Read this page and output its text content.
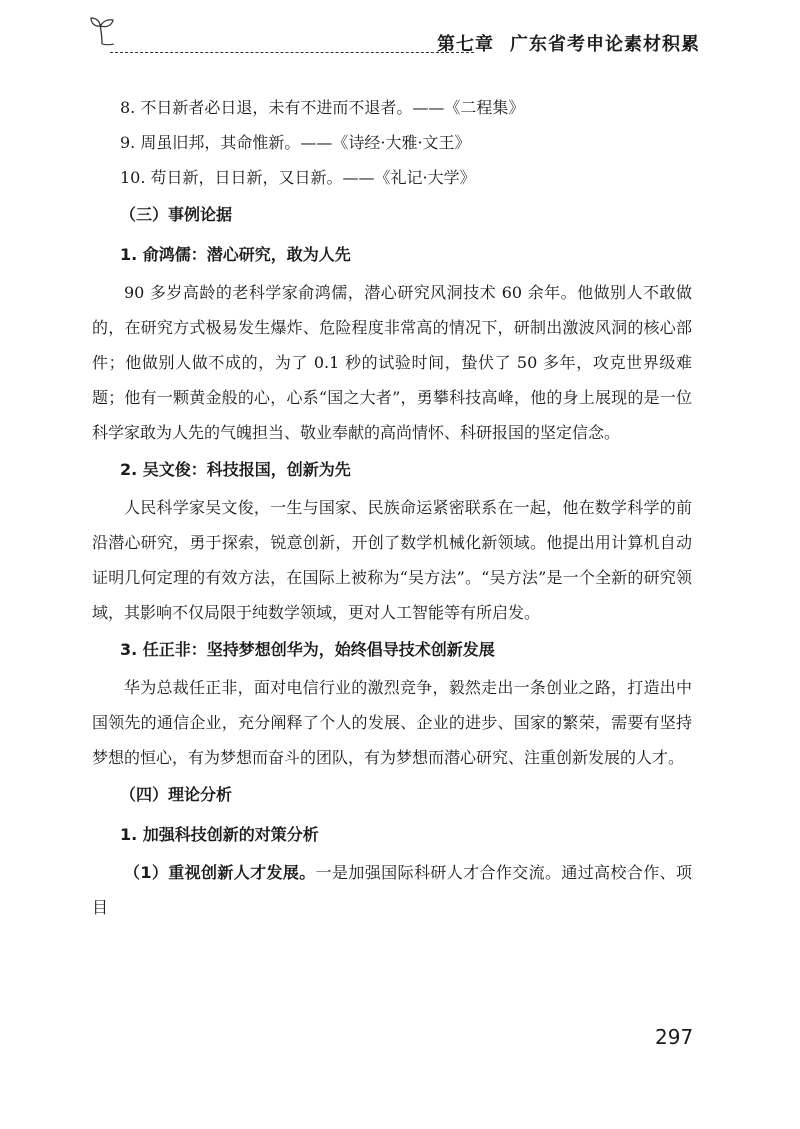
第七章 广东省考申论素材积累

8. 不日新者必日退，未有不进而不退者。——《二程集》

9. 周虽旧邦，其命惟新。——《诗经·大雅·文王》

10. 苟日新，日日新，又日新。——《礼记·大学》

（三）事例论据

1. 俞鸿儒：潜心研究，敢为人先

90 多岁高龄的老科学家俞鸿儒，潜心研究风洞技术 60 余年。他做别人不敢做的，在研究方式极易发生爆炸、危险程度非常高的情况下，研制出激波风洞的核心部件；他做别人做不成的，为了 0.1 秒的试验时间，蛰伏了 50 多年，攻克世界级难题；他有一颗黄金般的心，心系“国之大者”，勇攀科技高峰，他的身上展现的是一位科学家敢为人先的气魄担当、敬业奉献的高尚情怀、科研报国的坚定信念。

2. 吴文俊：科技报国，创新为先

人民科学家吴文俊，一生与国家、民族命运紧密联系在一起，他在数学科学的前沿潜心研究，勇于探索，锐意创新，开创了数学机械化新领域。他提出用计算机自动证明几何定理的有效方法，在国际上被称为“吴方法”。“吴方法”是一个全新的研究领域，其影响不仅局限于纯数学领域，更对人工智能等有所启发。

3. 任正非：坚持梦想创华为，始终倡导技术创新发展

华为总裁任正非，面对电信行业的激烈竞争，毅然走出一条创业之路，打造出中国领先的通信企业，充分阐释了个人的发展、企业的进步、国家的繁荣，需要有坚持梦想的恒心，有为梦想而奋斗的团队，有为梦想而潜心研究、注重创新发展的人才。

（四）理论分析

1. 加强科技创新的对策分析

（1）重视创新人才发展。一是加强国际科研人才合作交流。通过高校合作、项目

297
